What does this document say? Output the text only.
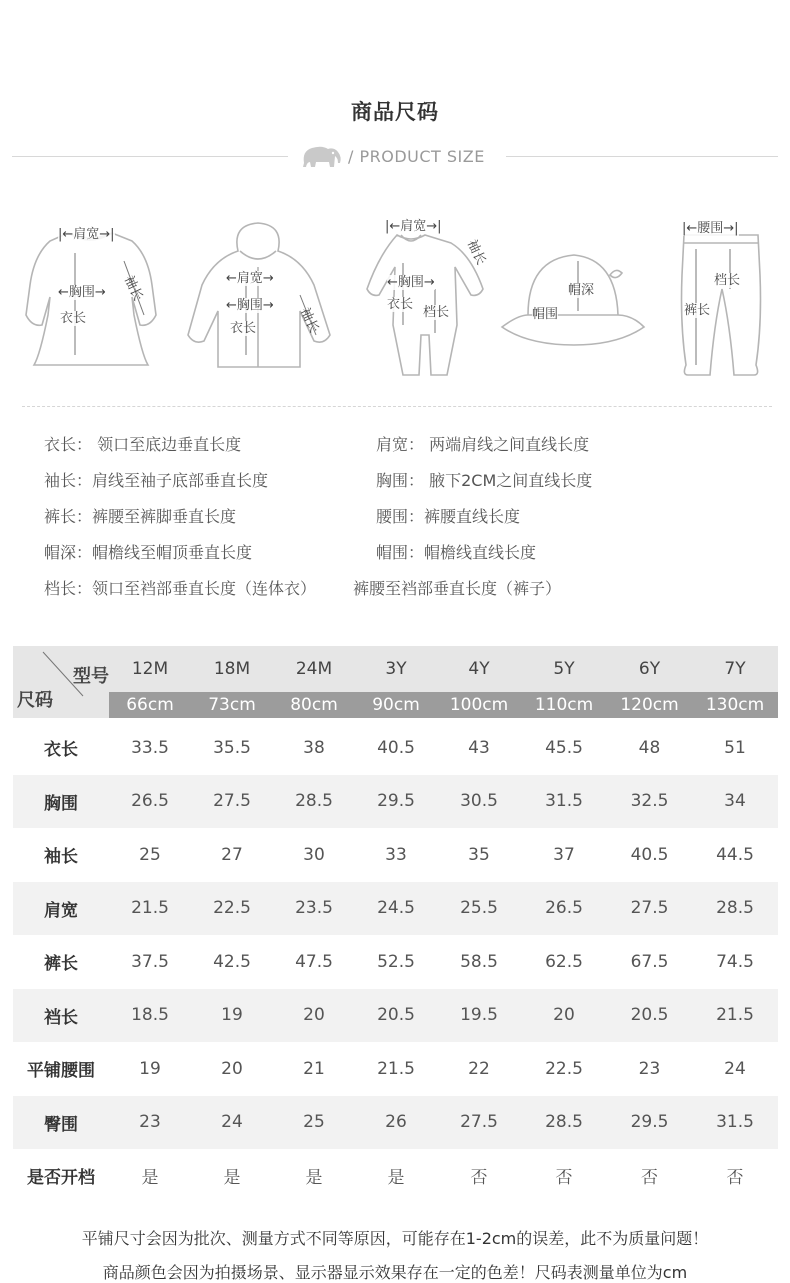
商品尺码
/ PRODUCT SIZE
|←肩宽→|
←胸围→ 袖长
衣长
←肩宽→
←胸围→
袖长
衣长
|←肩宽→|
←胸围→
袖长
衣长
档长
帽深
帽围
|←腰围→|
档长
裤长
衣长： 领口至底边垂直长度	肩宽： 两端肩线之间直线长度
袖长：肩线至袖子底部垂直长度	胸围： 腋下2CM之间直线长度
裤长：裤腰至裤脚垂直长度	腰围：裤腰直线长度
帽深：帽檐线至帽顶垂直长度	帽围：帽檐线直线长度
档长：领口至裆部垂直长度（连体衣） 裤腰至裆部垂直长度（裤子）
型号
尺码
12M	18M	24M	3Y	4Y	5Y	6Y	7Y
66cm	73cm	80cm	90cm	100cm	110cm	120cm	130cm
衣长	33.5	35.5	38	40.5	43	45.5	48	51
胸围	26.5	27.5	28.5	29.5	30.5	31.5	32.5	34
袖长	25	27	30	33	35	37	40.5	44.5
肩宽	21.5	22.5	23.5	24.5	25.5	26.5	27.5	28.5
裤长	37.5	42.5	47.5	52.5	58.5	62.5	67.5	74.5
裆长	18.5	19	20	20.5	19.5	20	20.5	21.5
平铺腰围	19	20	21	21.5	22	22.5	23	24
臀围	23	24	25	26	27.5	28.5	29.5	31.5
是否开档	是	是	是	是	否	否	否	否
平铺尺寸会因为批次、测量方式不同等原因，可能存在1-2cm的误差，此不为质量问题！
商品颜色会因为拍摄场景、显示器显示效果存在一定的色差！尺码表测量单位为cm
